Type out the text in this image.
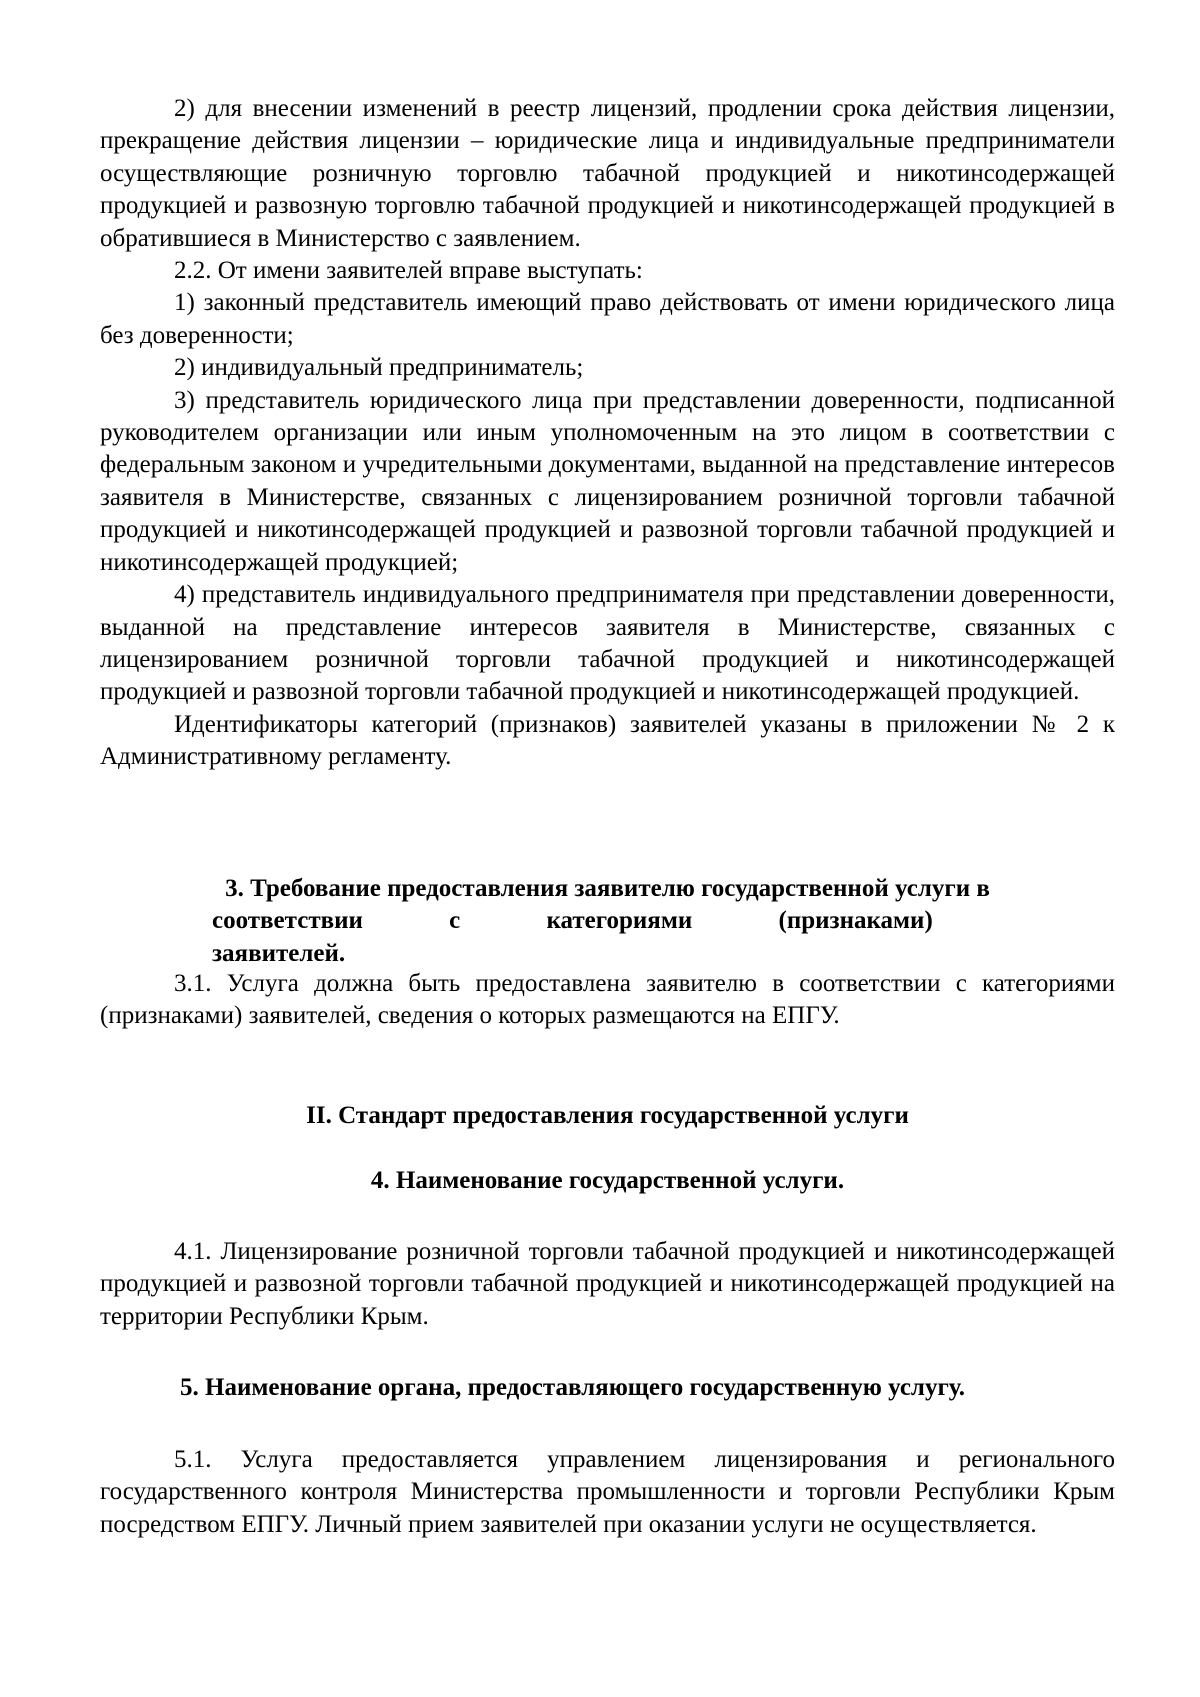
2) для внесении изменений в реестр лицензий, продлении срока действия лицензии, прекращение действия лицензии – юридические лица и индивидуальные предприниматели осуществляющие розничную торговлю табачной продукцией и никотинсодержащей продукцией и развозную торговлю табачной продукцией и никотинсодержащей продукцией в обратившиеся в Министерство с заявлением.

2.2. От имени заявителей вправе выступать:

1) законный представитель имеющий право действовать от имени юридического лица без доверенности;

2) индивидуальный предприниматель;

3) представитель юридического лица при представлении доверенности, подписанной руководителем организации или иным уполномоченным на это лицом в соответствии с федеральным законом и учредительными документами, выданной на представление интересов заявителя в Министерстве, связанных с лицензированием розничной торговли табачной продукцией и никотинсодержащей продукцией и развозной торговли табачной продукцией и никотинсодержащей продукцией;

4) представитель индивидуального предпринимателя при представлении доверенности, выданной на представление интересов заявителя в Министерстве, связанных с лицензированием розничной торговли табачной продукцией и никотинсодержащей продукцией и развозной торговли табачной продукцией и никотинсодержащей продукцией.

Идентификаторы категорий (признаков) заявителей указаны в приложении № 2 к Административному регламенту.

3. Требование предоставления заявителю государственной услуги в
соответствии с категориями (признаками) заявителей.

3.1. Услуга должна быть предоставлена заявителю в соответствии с категориями (признаками) заявителей, сведения о которых размещаются на ЕПГУ.

II. Стандарт предоставления государственной услуги
4. Наименование государственной услуги.

4.1. Лицензирование розничной торговли табачной продукцией и никотинсодержащей продукцией и развозной торговли табачной продукцией и никотинсодержащей продукцией на территории Республики Крым.

5. Наименование органа, предоставляющего государственную услугу.

5.1. Услуга предоставляется управлением лицензирования и регионального государственного контроля Министерства промышленности и торговли Республики Крым посредством ЕПГУ. Личный прием заявителей при оказании услуги не осуществляется.
